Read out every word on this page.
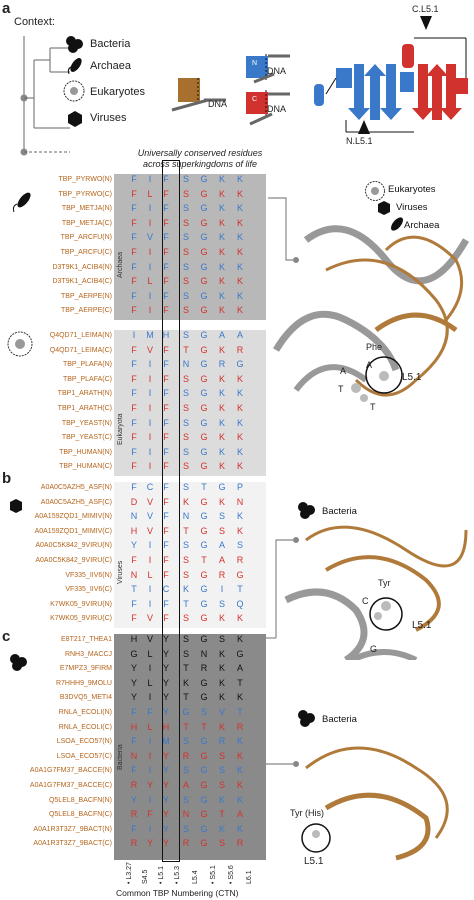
a
b
c
Context:
Bacteria
Archaea
Eukaryotes
Viruses
DNA
DNA
DNA
N
C
C.L5.1
N.L5.1
Universally conserved residues
across superkingdoms of life
Archaea
Eukaryota
Viruses
Bacteria
TBP_PYRWO(N)	F	I	F	S	G	K	K
TBP_PYRWO(C)	F	L	F	S	G	K	K
TBP_METJA(N)	F	I	F	S	G	K	K
TBP_METJA(C)	F	I	F	S	G	K	K
TBP_ARCFU(N)	F	V	F	S	G	K	K
TBP_ARCFU(C)	F	I	F	S	G	K	K
D3T9K1_ACIB4(N)	F	I	F	S	G	K	K
D3T9K1_ACIB4(C)	F	L	F	S	G	K	K
TBP_AERPE(N)	F	I	F	S	G	K	K
TBP_AERPE(C)	F	I	F	S	G	K	K
Q4QD71_LEIMA(N)	I	M	H	S	G	A	A
Q4QD71_LEIMA(C)	F	V	F	T	G	K	R
TBP_PLAFA(N)	F	I	F	N	G	R	G
TBP_PLAFA(C)	F	I	F	S	G	K	K
TBP1_ARATH(N)	F	I	F	S	G	K	K
TBP1_ARATH(C)	F	I	F	S	G	K	K
TBP_YEAST(N)	F	I	F	S	G	K	K
TBP_YEAST(C)	F	I	F	S	G	K	K
TBP_HUMAN(N)	F	I	F	S	G	K	K
TBP_HUMAN(C)	F	I	F	S	G	K	K
A0A0C5AZH5_ASF(N)	F	C	F	S	T	G	P
A0A0C5AZH5_ASF(C)	D	V	F	K	G	K	N
A0A159ZQD1_MIMIV(N)	N	V	F	N	G	S	K
A0A159ZQD1_MIMIV(C)	H	V	F	T	G	S	K
A0A0C5K842_9VIRU(N)	Y	I	F	S	G	A	S
A0A0C5K842_9VIRU(C)	F	I	F	S	T	A	R
VF335_IIV6(N)	N	L	F	S	G	R	G
VF335_IIV6(C)	T	I	C	K	G	I	T
K7WK05_9VIRU(N)	F	I	F	T	G	S	Q
K7WK05_9VIRU(C)	F	V	F	S	G	K	K
E8T217_THEA1	H	V	Y	S	G	S	K
RNH3_MACCJ	G	L	Y	S	N	K	G
E7MPZ3_9FIRM	Y	I	Y	T	R	K	A
R7HHH9_9MOLU	Y	L	Y	K	G	K	T
B3DVQ5_METI4	Y	I	Y	T	G	K	K
RNLA_ECOLI(N)	F	F	Y	G	S	V	T
RNLA_ECOLI(C)	H	L	H	T	T	K	R
LSOA_ECO57(N)	F	I	M	S	G	R	K
LSOA_ECO57(C)	N	I	Y	R	G	S	K
A0A1G7FM37_BACCE(N)	F	I	Y	S	G	S	K
A0A1G7FM37_BACCE(C)	R	Y	Y	A	G	S	K
Q5LEL8_BACFN(N)	Y	I	Y	S	G	K	K
Q5LEL8_BACFN(C)	R	F	Y	N	G	T	A
A0A1R3T3Z7_9BACT(N)	F	I	Y	S	G	K	K
A0A1R3T3Z7_9BACT(C)	R	Y	Y	R	G	S	R
Eukaryotes
Viruses
Archaea
Phe
A
A
T
T
L5.1
Bacteria
Tyr
C
G
L5.1
Bacteria
Tyr (His)
L5.1
Common TBP Numbering (CTN)
• L3.27 S4.5 • L5.1 • L5.3 L5.4 • S5.1 • S5.6 L6.1
